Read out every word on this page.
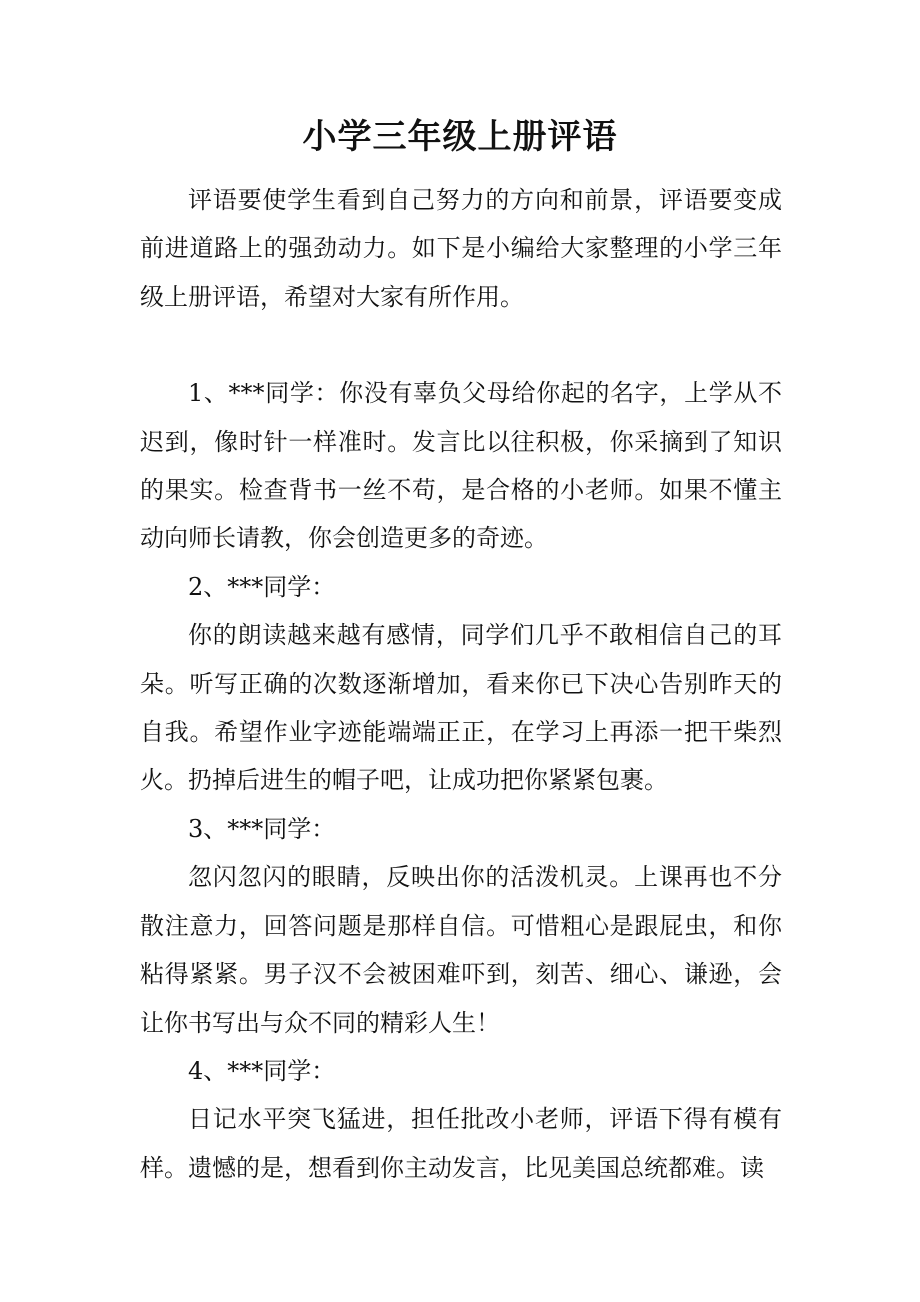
小学三年级上册评语

评语要使学生看到自己努力的方向和前景，评语要变成前进道路上的强劲动力。如下是小编给大家整理的小学三年级上册评语，希望对大家有所作用。

1、***同学：你没有辜负父母给你起的名字，上学从不迟到，像时针一样准时。发言比以往积极，你采摘到了知识的果实。检查背书一丝不苟，是合格的小老师。如果不懂主动向师长请教，你会创造更多的奇迹。

2、***同学：

你的朗读越来越有感情，同学们几乎不敢相信自己的耳朵。听写正确的次数逐渐增加，看来你已下决心告别昨天的自我。希望作业字迹能端端正正，在学习上再添一把干柴烈火。扔掉后进生的帽子吧，让成功把你紧紧包裹。

3、***同学：

忽闪忽闪的眼睛，反映出你的活泼机灵。上课再也不分散注意力，回答问题是那样自信。可惜粗心是跟屁虫，和你粘得紧紧。男子汉不会被困难吓到，刻苦、细心、谦逊，会让你书写出与众不同的精彩人生！

4、***同学：

日记水平突飞猛进，担任批改小老师，评语下得有模有样。遗憾的是，想看到你主动发言，比见美国总统都难。读
